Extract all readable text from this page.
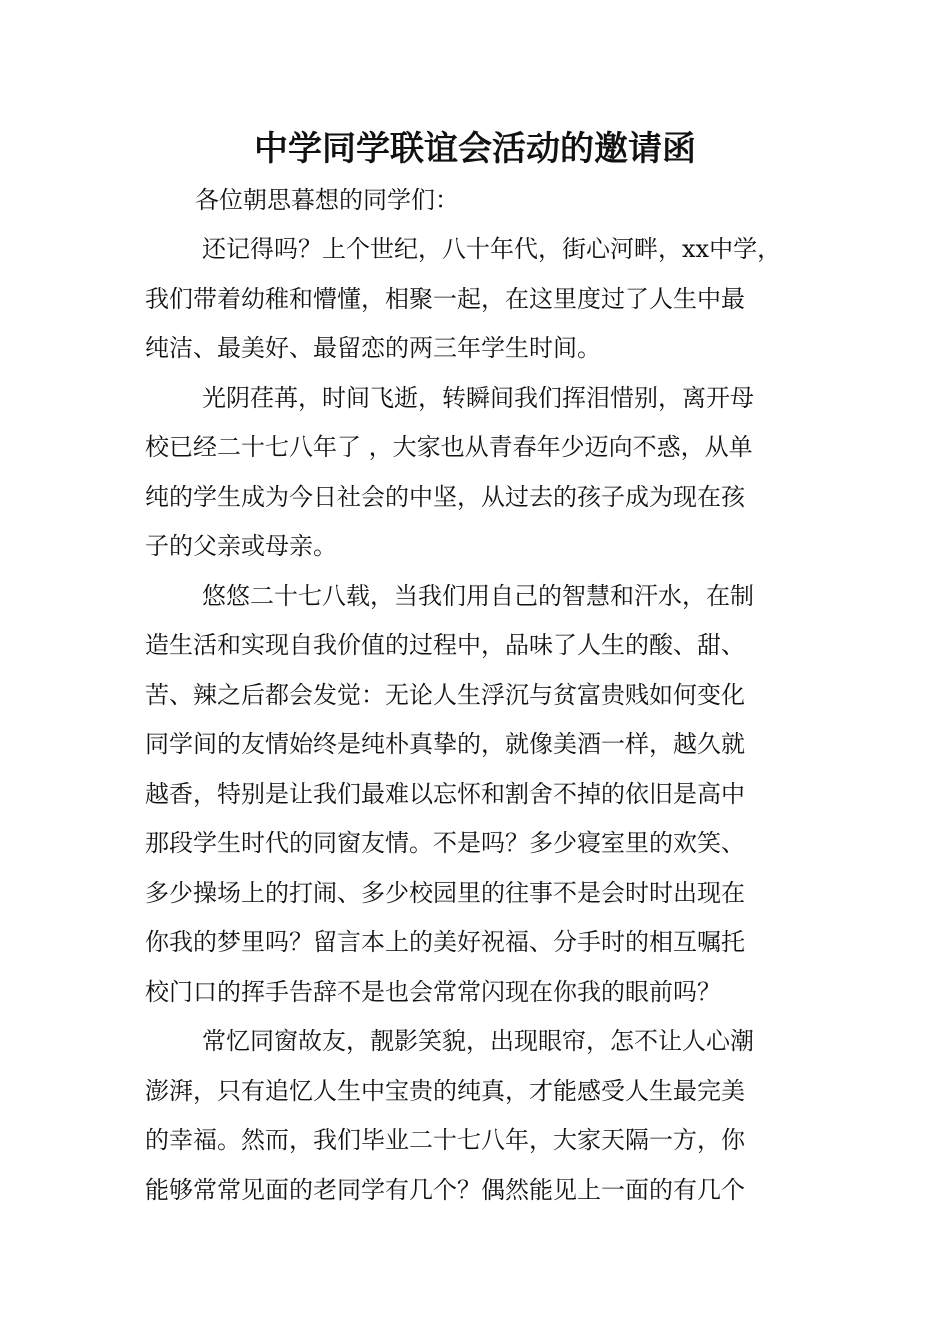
中学同学联谊会活动的邀请函
各位朝思暮想的同学们：
还记得吗？上个世纪，八十年代，街心河畔，xx中学，
我们带着幼稚和懵懂，相聚一起，在这里度过了人生中最
纯洁、最美好、最留恋的两三年学生时间。
光阴荏苒，时间飞逝，转瞬间我们挥泪惜别，离开母
校已经二十七八年了 ，大家也从青春年少迈向不惑，从单
纯的学生成为今日社会的中坚，从过去的孩子成为现在孩
子的父亲或母亲。
悠悠二十七八载，当我们用自己的智慧和汗水，在制
造生活和实现自我价值的过程中，品味了人生的酸、甜、
苦、辣之后都会发觉：无论人生浮沉与贫富贵贱如何变化
同学间的友情始终是纯朴真挚的，就像美酒一样，越久就
越香，特别是让我们最难以忘怀和割舍不掉的依旧是高中
那段学生时代的同窗友情。不是吗？多少寝室里的欢笑、
多少操场上的打闹、多少校园里的往事不是会时时出现在
你我的梦里吗？留言本上的美好祝福、分手时的相互嘱托
校门口的挥手告辞不是也会常常闪现在你我的眼前吗？
常忆同窗故友，靓影笑貌，出现眼帘，怎不让人心潮
澎湃，只有追忆人生中宝贵的纯真，才能感受人生最完美
的幸福。然而，我们毕业二十七八年，大家天隔一方，你
能够常常见面的老同学有几个？偶然能见上一面的有几个
